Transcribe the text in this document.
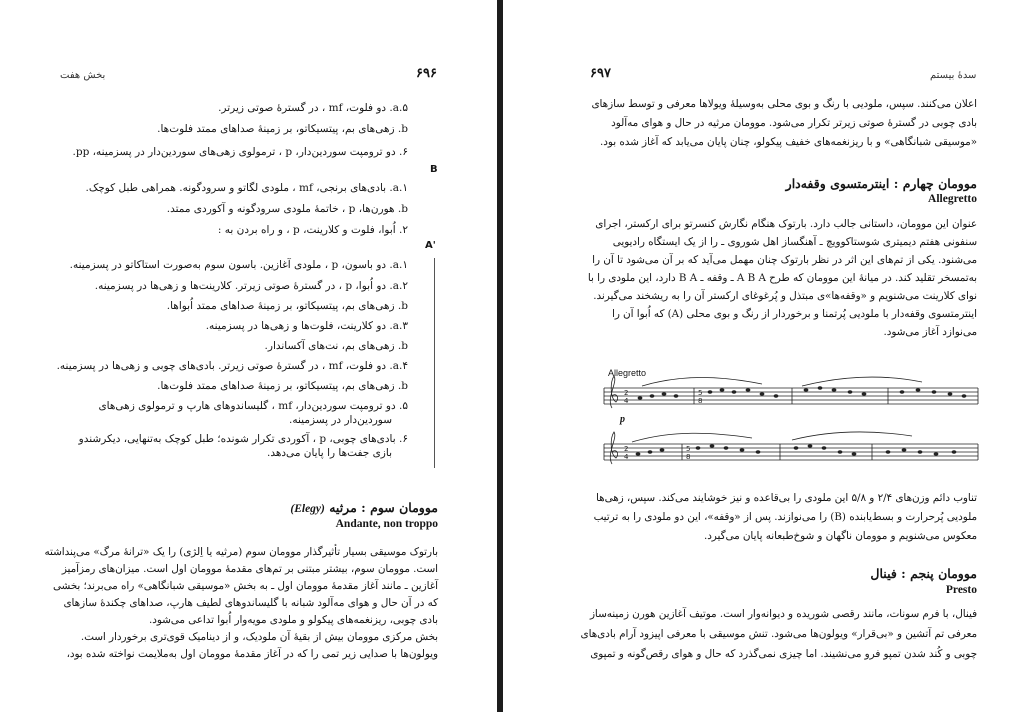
بخش هفت	۶۹۶
a.۵. دو فلوت، mf ، در گسترهٔ صوتی زیرتر.
b. زهی‌های بم، پیتسیکاتو، بر زمینهٔ صداهای ممتد فلوت‌ها.
۶. دو ترومپت سوردین‌دار، p ، ترمولوی زهی‌های سوردین‌دار در پسزمینه، pp.
B
a.۱. بادی‌های برنجی، mf ، ملودی لگاتو و سرودگونه. همراهی طبل کوچک.
b. هورن‌ها، p ، خاتمهٔ ملودی سرودگونه و آکوردی ممتد.
۲. اُبوا، فلوت و کلارینت، p ، و راه بردن به :
A'
a.۱. دو باسون، p ، ملودی آغازین. باسون سوم به‌صورت استاکاتو در پسزمینه.
a.۲. دو اُبوا، p ، در گسترهٔ صوتی زیرتر. کلارینت‌ها و زهی‌ها در پسزمینه.
b. زهی‌های بم، پیتسیکاتو، بر زمینهٔ صداهای ممتد اُبواها.
a.۳. دو کلارینت، فلوت‌ها و زهی‌ها در پسزمینه.
b. زهی‌های بم، نت‌های آکساندار.
a.۴. دو فلوت، mf ، در گسترهٔ صوتی زیرتر. بادی‌های چوبی و زهی‌ها در پسزمینه.
b. زهی‌های بم، پیتسیکاتو، بر زمینهٔ صداهای ممتد فلوت‌ها.
۵. دو ترومپت سوردین‌دار، mf ، گلیساندوهای هارپ و ترمولوی زهی‌های
سوردین‌دار در پسزمینه.
۶. بادی‌های چوبی، p ، آکوردی تکرار شونده؛ طبل کوچک به‌تنهایی، دیکرشندو
بازی جفت‌ها را پایان می‌دهد.
موومان سوم : مرثیه (Elegy)
Andante, non troppo
بارتوک موسیقی بسیار تأثیرگذار موومان سوم (مرثیه یا اِلژی) را یک «ترانهٔ مرگ» می‌پنداشته
است. موومان سوم، بیشتر مبتنی بر تم‌های مقدمهٔ موومان اول است. میزان‌های رمزآمیز
آغازین ـ مانند آغاز مقدمهٔ موومان اول ـ به بخش «موسیقی شبانگاهی» راه می‌برند؛ بخشی
که در آن حال و هوای مه‌آلود شبانه با گلیساندوهای لطیف هارپ، صداهای چکنده‌ٔ سازهای
بادی چوبی، ریزنغمه‌های پیکولو و ملودی مویه‌وار اُبوا تداعی می‌شود.
بخش مرکزی موومان بیش از بقیهٔ آن ملودیک، و از دینامیک قوی‌تری برخوردار است.
ویولون‌ها با صدایی زیر تمی را که در آغاز مقدمهٔ موومان اول به‌ملایمت نواخته شده بود،
۶۹۷	سدهٔ بیستم
اعلان می‌کنند. سپس، ملودیی با رنگ و بوی محلی به‌وسیلهٔ ویولاها معرفی و توسط سازهای
بادی چوبی در گسترهٔ صوتی زیرتر تکرار می‌شود. موومان مرثیه در حال و هوای مه‌آلود
«موسیقی شبانگاهی» و با ریزنغمه‌های خفیف پیکولو، چنان پایان می‌یابد که آغاز شده بود.
موومان چهارم : اینترمتسوی وقفه‌دار
Allegretto
عنوان این موومان، داستانی جالب دارد. بارتوک هنگام نگارش کنسرتو برای ارکستر، اجرای
سنفونی هفتم دیمیتری شوستاکوویچ ـ آهنگساز اهل شوروی ـ را از یک ایستگاه رادیویی
می‌شنود. یکی از تم‌های این اثر در نظر بارتوک چنان مهمل می‌آید که بر آن می‌شود تا آن را
به‌تمسخر تقلید کند. در میانهٔ این موومان که طرح A B A ـ وقفه ـ B A دارد، این ملودی را با
نوای کلارینت می‌شنویم و «وقفه‌ها»ی مبتذل و پُرغوغای ارکستر آن را به ریشخند می‌گیرند.
اینترمتسوی وقفه‌دار با ملودیی پُرتمنا و برخوردار از رنگ و بوی محلی (A) که اُبوا آن را
می‌نوازد آغاز می‌شود.
Allegretto
p
2
4
5
8
2
4
5
8
تناوب دائم وزن‌های ۲/۴ و ۵/۸ این ملودی را بی‌قاعده و نیز خوشایند می‌کند. سپس، زهی‌ها
ملودیی پُرحرارت و بسط‌یابنده (B) را می‌نوازند. پس از «وقفه»، این دو ملودی را به ترتیب
معکوس می‌شنویم و موومان ناگهان و شوخ‌طبعانه پایان می‌گیرد.
موومان پنجم : فینال
Presto
فینال، با فرم سونات، مانند رقصی شوریده و دیوانه‌وار است. موتیف آغازین هورن زمینه‌ساز
معرفی تم آتشین و «بی‌قرار» ویولون‌ها می‌شود. تنش موسیقی با معرفی اپیزود آرام بادی‌های
چوبی و کُند شدن تمپو فرو می‌نشیند. اما چیزی نمی‌گذرد که حال و هوای رقص‌گونه و تمپوی
